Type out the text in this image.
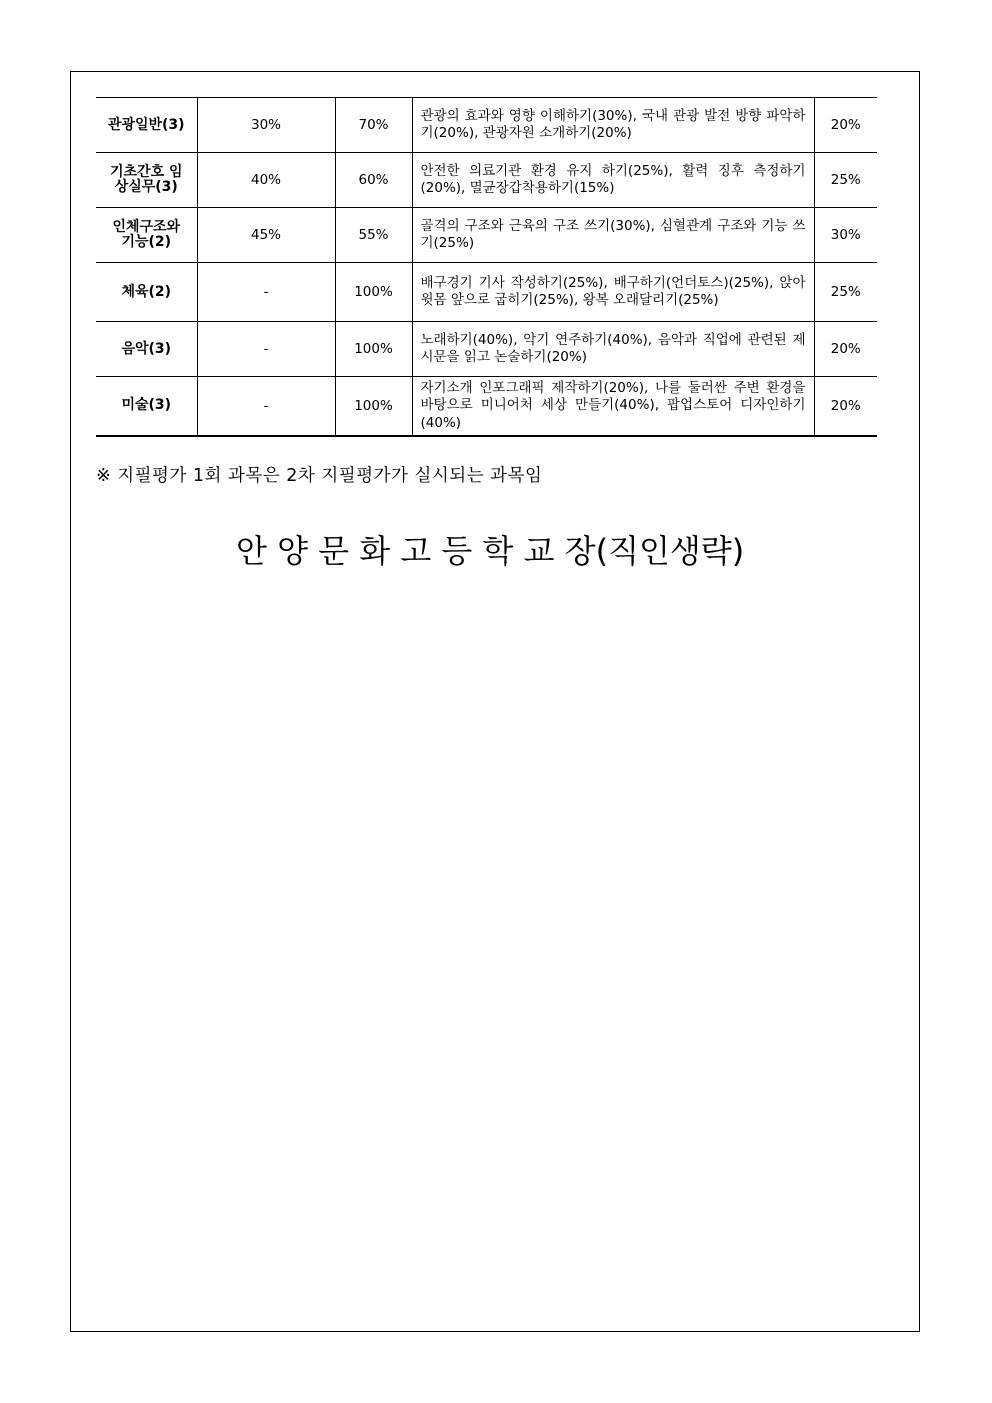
관광일반(3)	30%	70%	관광의 효과와 영향 이해하기(30%), 국내 관광 발전 방향 파악하기(20%), 관광자원 소개하기(20%)	20%
기초간호 임상실무(3)	40%	60%	안전한 의료기관 환경 유지 하기(25%), 활력 징후 측정하기(20%), 멸균장갑착용하기(15%)	25%
인체구조와 기능(2)	45%	55%	골격의 구조와 근육의 구조 쓰기(30%), 심혈관계 구조와 기능 쓰기(25%)	30%
체육(2)	-	100%	배구경기 기사 작성하기(25%), 배구하기(언더토스)(25%), 앉아 윗몸 앞으로 굽히기(25%), 왕복 오래달리기(25%)	25%
음악(3)	-	100%	노래하기(40%), 악기 연주하기(40%), 음악과 직업에 관련된 제시문을 읽고 논술하기(20%)	20%
미술(3)	-	100%	자기소개 인포그래픽 제작하기(20%), 나를 둘러싼 주변 환경을 바탕으로 미니어처 세상 만들기(40%), 팝업스토어 디자인하기(40%)	20%
※ 지필평가 1회 과목은 2차 지필평가가 실시되는 과목임
안 양 문 화 고 등 학 교 장(직인생략)
